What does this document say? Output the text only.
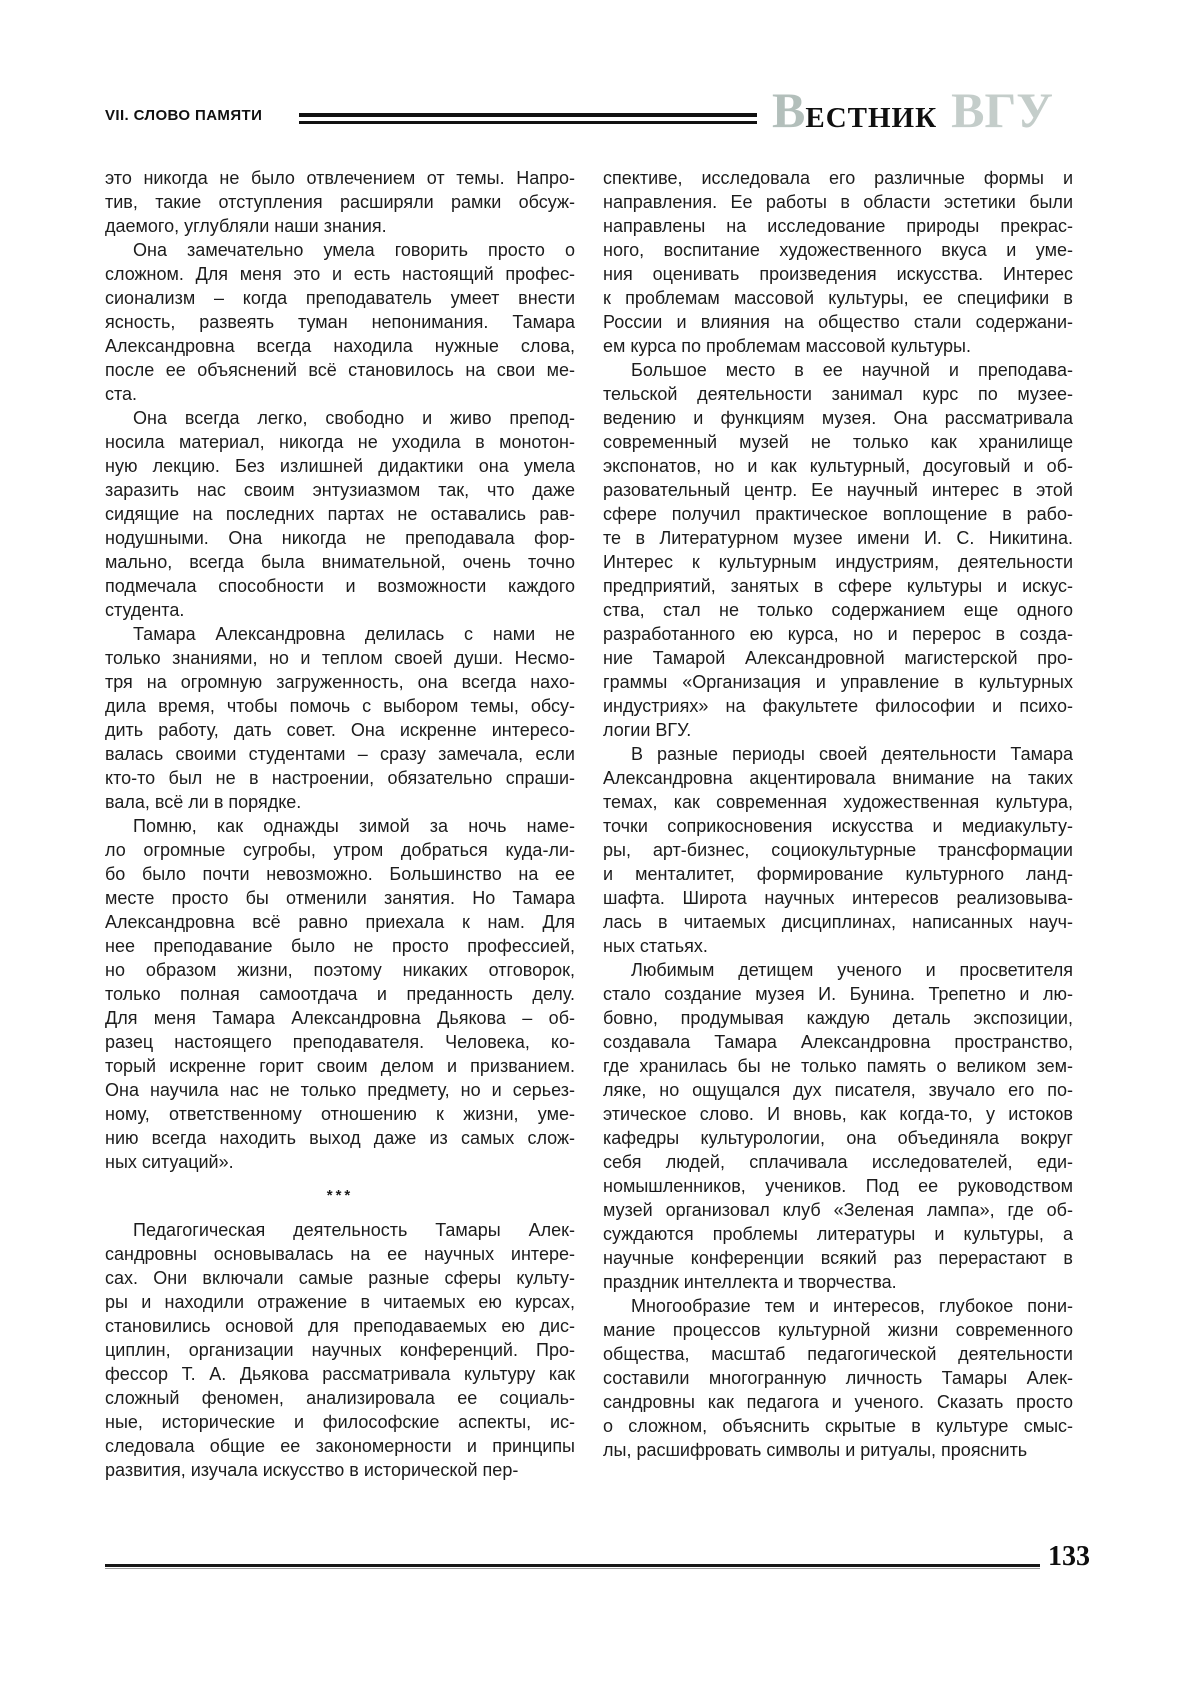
VII. СЛОВО ПАМЯТИ	ВЕСТНИК ВГУ
это никогда не было отвлечением от темы. Напро-
тив, такие отступления расширяли рамки обсуж-
даемого, углубляли наши знания.
Она замечательно умела говорить просто о
сложном. Для меня это и есть настоящий профес-
сионализм – когда преподаватель умеет внести
ясность, развеять туман непонимания. Тамара
Александровна всегда находила нужные слова,
после ее объяснений всё становилось на свои ме-
ста.
Она всегда легко, свободно и живо препод-
носила материал, никогда не уходила в монотон-
ную лекцию. Без излишней дидактики она умела
заразить нас своим энтузиазмом так, что даже
сидящие на последних партах не оставались рав-
нодушными. Она никогда не преподавала фор-
мально, всегда была внимательной, очень точно
подмечала способности и возможности каждого
студента.
Тамара Александровна делилась с нами не
только знаниями, но и теплом своей души. Несмо-
тря на огромную загруженность, она всегда нахо-
дила время, чтобы помочь с выбором темы, обсу-
дить работу, дать совет. Она искренне интересо-
валась своими студентами – сразу замечала, если
кто-то был не в настроении, обязательно спраши-
вала, всё ли в порядке.
Помню, как однажды зимой за ночь наме-
ло огромные сугробы, утром добраться куда-ли-
бо было почти невозможно. Большинство на ее
месте просто бы отменили занятия. Но Тамара
Александровна всё равно приехала к нам. Для
нее преподавание было не просто профессией,
но образом жизни, поэтому никаких отговорок,
только полная самоотдача и преданность делу.
Для меня Тамара Александровна Дьякова – об-
разец настоящего преподавателя. Человека, ко-
торый искренне горит своим делом и призванием.
Она научила нас не только предмету, но и серьез-
ному, ответственному отношению к жизни, уме-
нию всегда находить выход даже из самых слож-
ных ситуаций».
***
Педагогическая деятельность Тамары Алек-
сандровны основывалась на ее научных интере-
сах. Они включали самые разные сферы культу-
ры и находили отражение в читаемых ею курсах,
становились основой для преподаваемых ею дис-
циплин, организации научных конференций. Про-
фессор Т. А. Дьякова рассматривала культуру как
сложный феномен, анализировала ее социаль-
ные, исторические и философские аспекты, ис-
следовала общие ее закономерности и принципы
развития, изучала искусство в исторической пер-
спективе, исследовала его различные формы и
направления. Ее работы в области эстетики были
направлены на исследование природы прекрас-
ного, воспитание художественного вкуса и уме-
ния оценивать произведения искусства. Интерес
к проблемам массовой культуры, ее специфики в
России и влияния на общество стали содержани-
ем курса по проблемам массовой культуры.
Большое место в ее научной и преподава-
тельской деятельности занимал курс по музее-
ведению и функциям музея. Она рассматривала
современный музей не только как хранилище
экспонатов, но и как культурный, досуговый и об-
разовательный центр. Ее научный интерес в этой
сфере получил практическое воплощение в рабо-
те в Литературном музее имени И. С. Никитина.
Интерес к культурным индустриям, деятельности
предприятий, занятых в сфере культуры и искус-
ства, стал не только содержанием еще одного
разработанного ею курса, но и перерос в созда-
ние Тамарой Александровной магистерской про-
граммы «Организация и управление в культурных
индустриях» на факультете философии и психо-
логии ВГУ.
В разные периоды своей деятельности Тамара
Александровна акцентировала внимание на таких
темах, как современная художественная культура,
точки соприкосновения искусства и медиакульту-
ры, арт-бизнес, социокультурные трансформации
и менталитет, формирование культурного ланд-
шафта. Широта научных интересов реализовыва-
лась в читаемых дисциплинах, написанных науч-
ных статьях.
Любимым детищем ученого и просветителя
стало создание музея И. Бунина. Трепетно и лю-
бовно, продумывая каждую деталь экспозиции,
создавала Тамара Александровна пространство,
где хранилась бы не только память о великом зем-
ляке, но ощущался дух писателя, звучало его по-
этическое слово. И вновь, как когда-то, у истоков
кафедры культурологии, она объединяла вокруг
себя людей, сплачивала исследователей, еди-
номышленников, учеников. Под ее руководством
музей организовал клуб «Зеленая лампа», где об-
суждаются проблемы литературы и культуры, а
научные конференции всякий раз перерастают в
праздник интеллекта и творчества.
Многообразие тем и интересов, глубокое пони-
мание процессов культурной жизни современного
общества, масштаб педагогической деятельности
составили многогранную личность Тамары Алек-
сандровны как педагога и ученого. Сказать просто
о сложном, объяснить скрытые в культуре смыс-
лы, расшифровать символы и ритуалы, прояснить
133
